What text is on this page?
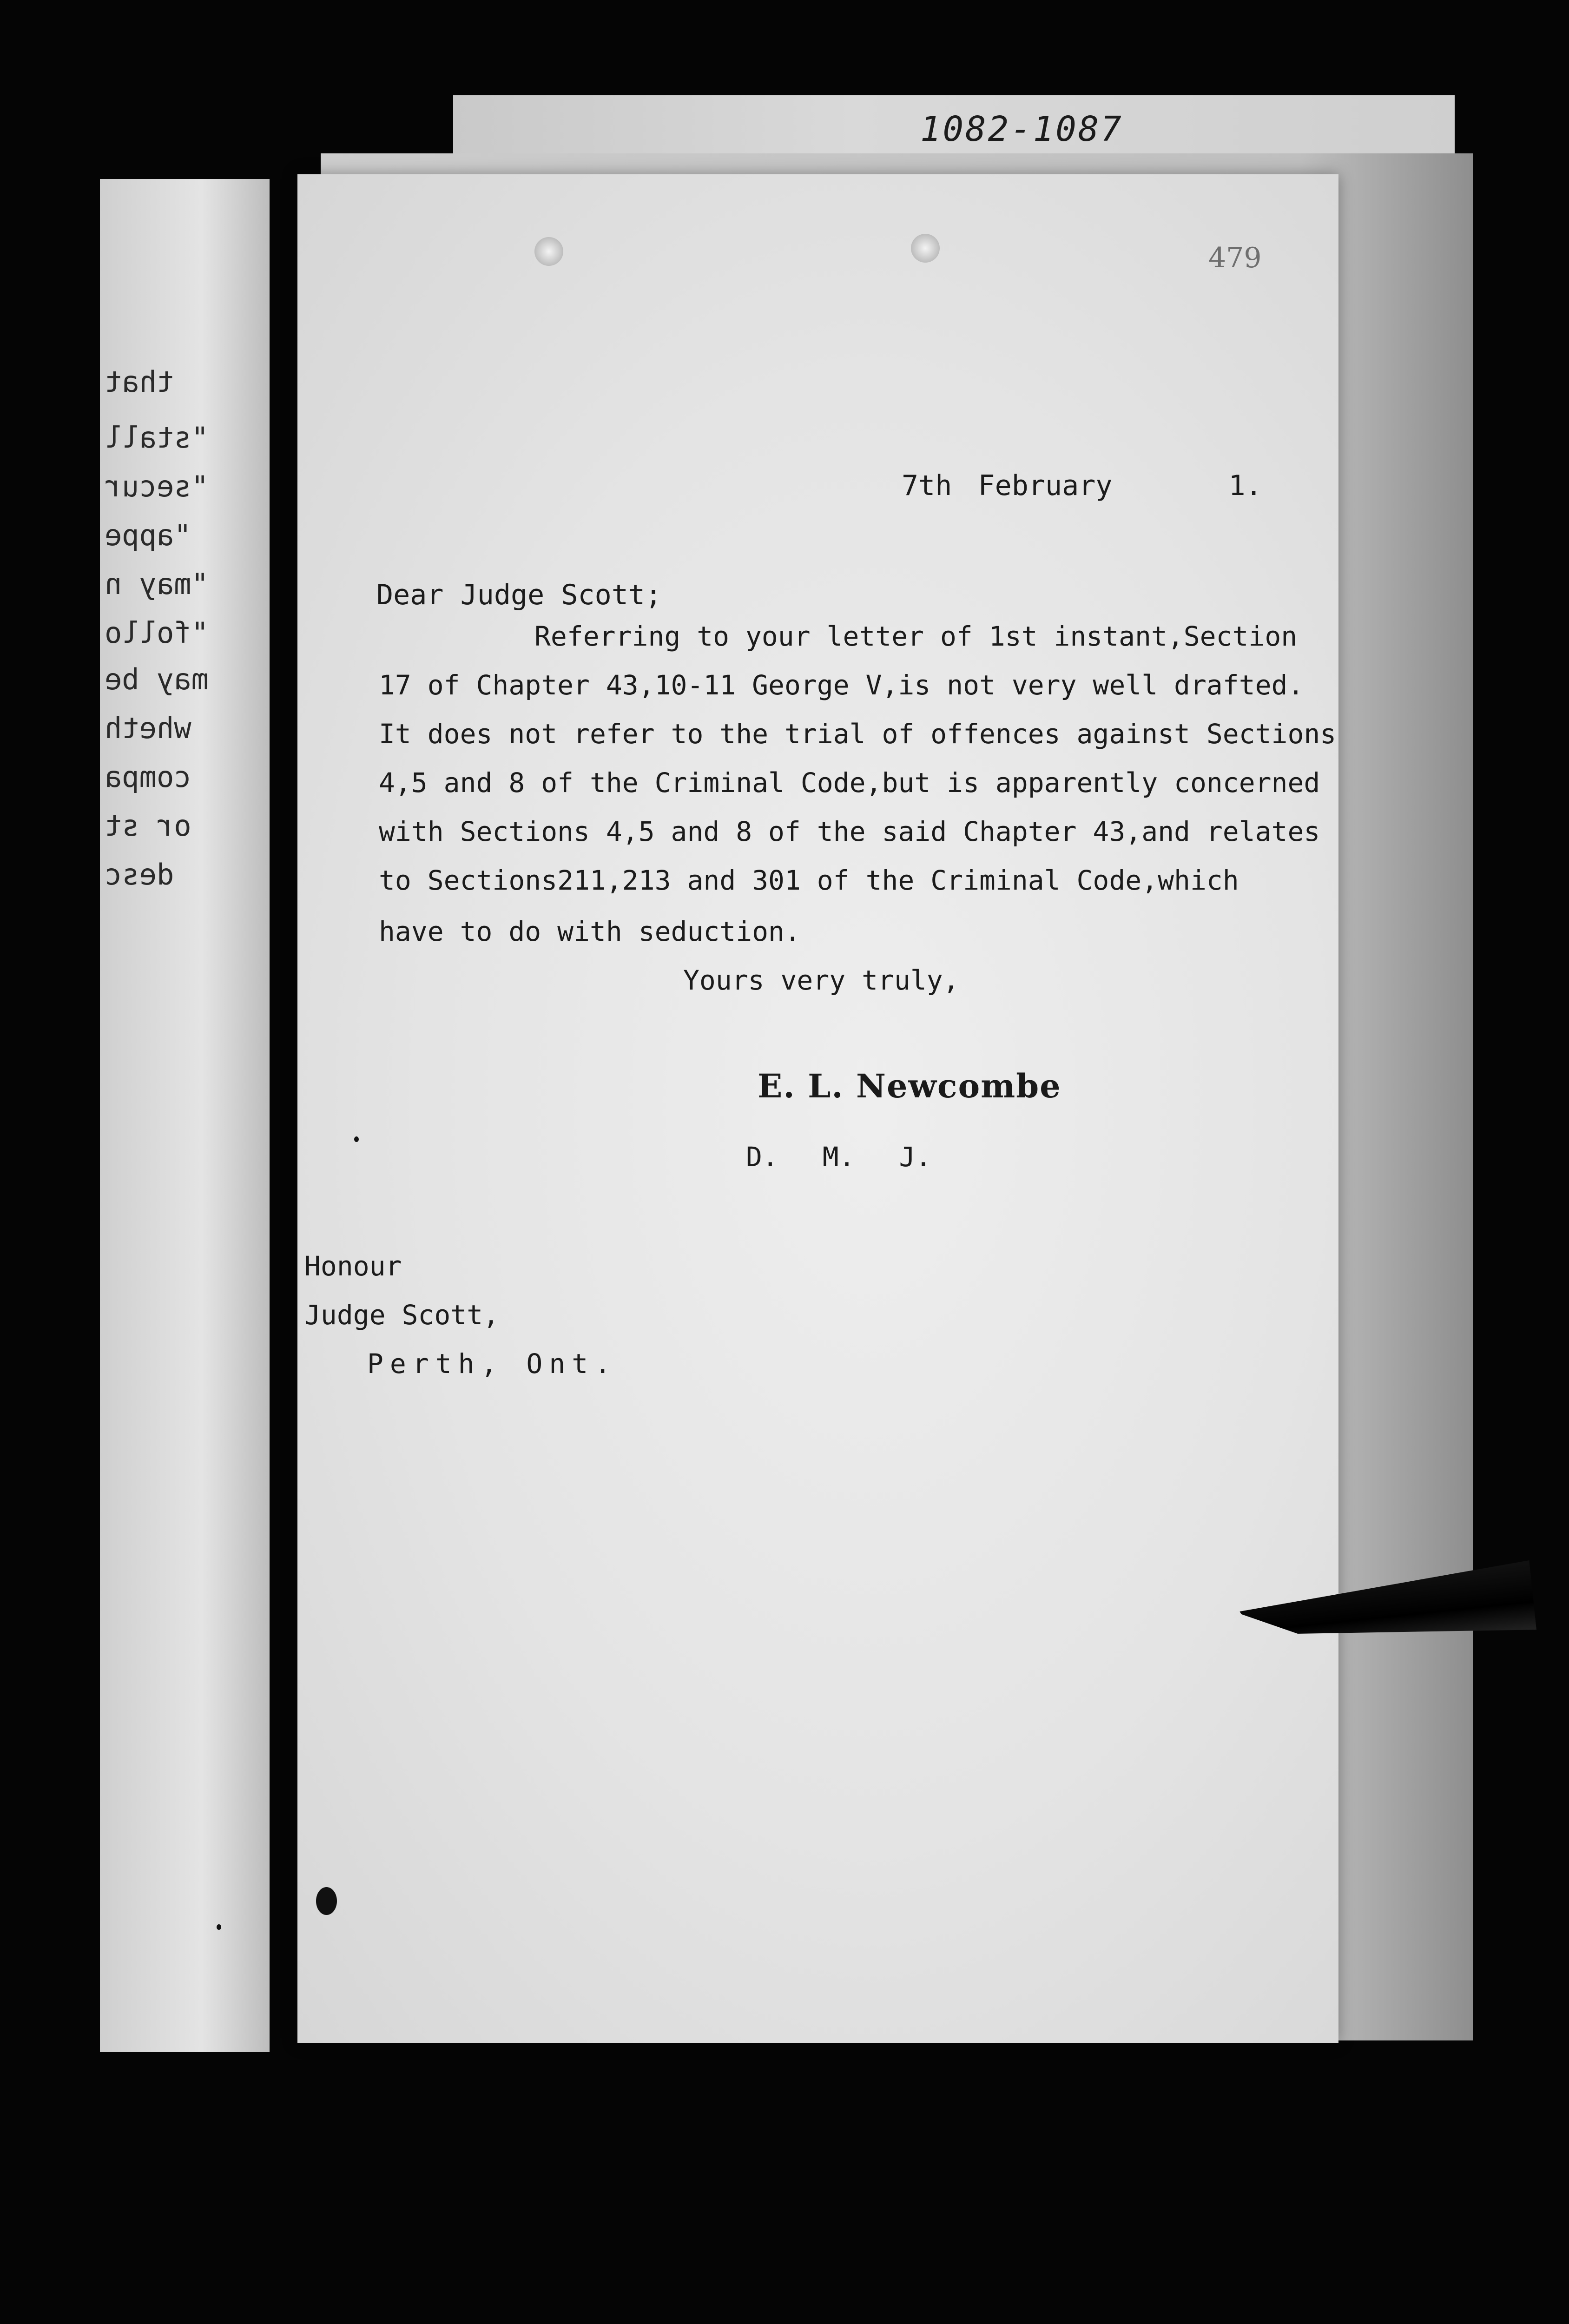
1082-1087
that
"stall
"secur
"appe
"may n
"follo
may be
wheth
compa
or st
desc
479
7th February	1.
Dear Judge Scott;
Referring to your letter of 1st instant,Section
17 of Chapter 43,10-11 George V,is not very well drafted.
It does not refer to the trial of offences against Sections
4,5 and 8 of the Criminal Code,but is apparently concerned
with Sections 4,5 and 8 of the said Chapter 43,and relates
to Sections211,213 and 301 of the Criminal Code,which
have to do with seduction.
Yours very truly,
E. L. Newcombe
D. M. J.
Honour
Judge Scott,
Perth, Ont.
